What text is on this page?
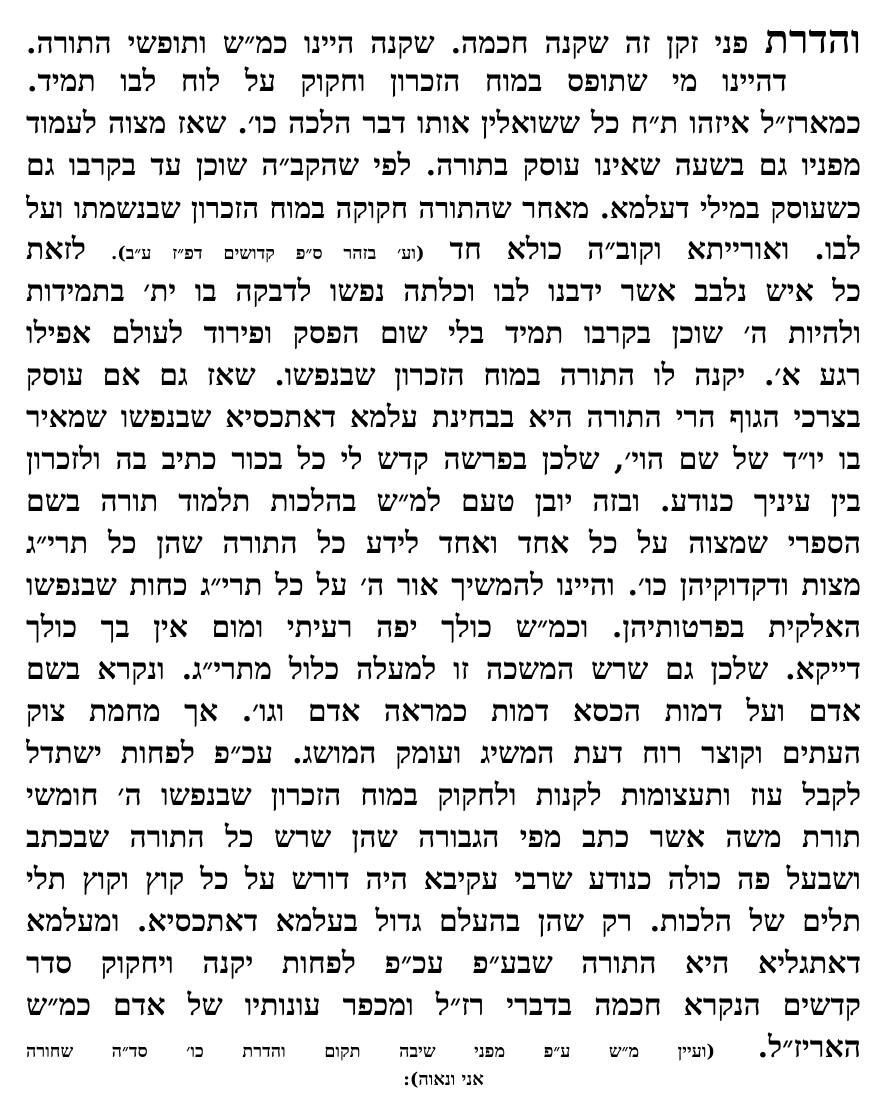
והדרת פני זקן זה שקנה חכמה. שקנה היינו כמ״ש ותופשי התורה.
דהיינו מי שתופס במוח הזכרון וחקוק על לוח לבו תמיד.
כמארז״ל איזהו ת״ח כל ששואלין אותו דבר הלכה כו׳. שאז מצוה לעמוד
מפניו גם בשעה שאינו עוסק בתורה. לפי שהקב״ה שוכן עד בקרבו גם
כשעוסק במילי דעלמא. מאחר שהתורה חקוקה במוח הזכרון שבנשמתו ועל
לבו. ואורייתא וקוב״ה כולא חד (וע׳ בזהר ס״פ קדושים דפ״ז ע״ב). לזאת
כל איש נלבב אשר ידבנו לבו וכלתה נפשו לדבקה בו ית׳ בתמידות
ולהיות ה׳ שוכן בקרבו תמיד בלי שום הפסק ופירוד לעולם אפילו
רגע א׳. יקנה לו התורה במוח הזכרון שבנפשו. שאז גם אם עוסק
בצרכי הגוף הרי התורה היא בבחינת עלמא דאתכסיא שבנפשו שמאיר
בו יו״ד של שם הוי׳, שלכן בפרשה קדש לי כל בכור כתיב בה ולזכרון
בין עיניך כנודע. ובזה יובן טעם למ״ש בהלכות תלמוד תורה בשם
הספרי שמצוה על כל אחד ואחד לידע כל התורה שהן כל תרי״ג
מצות ודקדוקיהן כו׳. והיינו להמשיך אור ה׳ על כל תרי״ג כחות שבנפשו
האלקית בפרטותיהן. וכמ״ש כולך יפה רעיתי ומום אין בך כולך
דייקא. שלכן גם שרש המשכה זו למעלה כלול מתרי״ג. ונקרא בשם
אדם ועל דמות הכסא דמות כמראה אדם וגו׳. אך מחמת צוק
העתים וקוצר רוח דעת המשיג ועומק המושג. עכ״פ לפחות ישתדל
לקבל עוז ותעצומות לקנות ולחקוק במוח הזכרון שבנפשו ה׳ חומשי
תורת משה אשר כתב מפי הגבורה שהן שרש כל התורה שבכתב
ושבעל פה כולה כנודע שרבי עקיבא היה דורש על כל קוץ וקוץ תלי
תלים של הלכות. רק שהן בהעלם גדול בעלמא דאתכסיא. ומעלמא
דאתגליא היא התורה שבע״פ עכ״פ לפחות יקנה ויחקוק סדר
קדשים הנקרא חכמה בדברי רז״ל ומכפר עונותיו של אדם כמ״ש
האריז״ל. (ועיין מ״ש ע״פ מפני שיבה תקום והדרת כו׳ סד״ה שחורה
אני ונאוה):
